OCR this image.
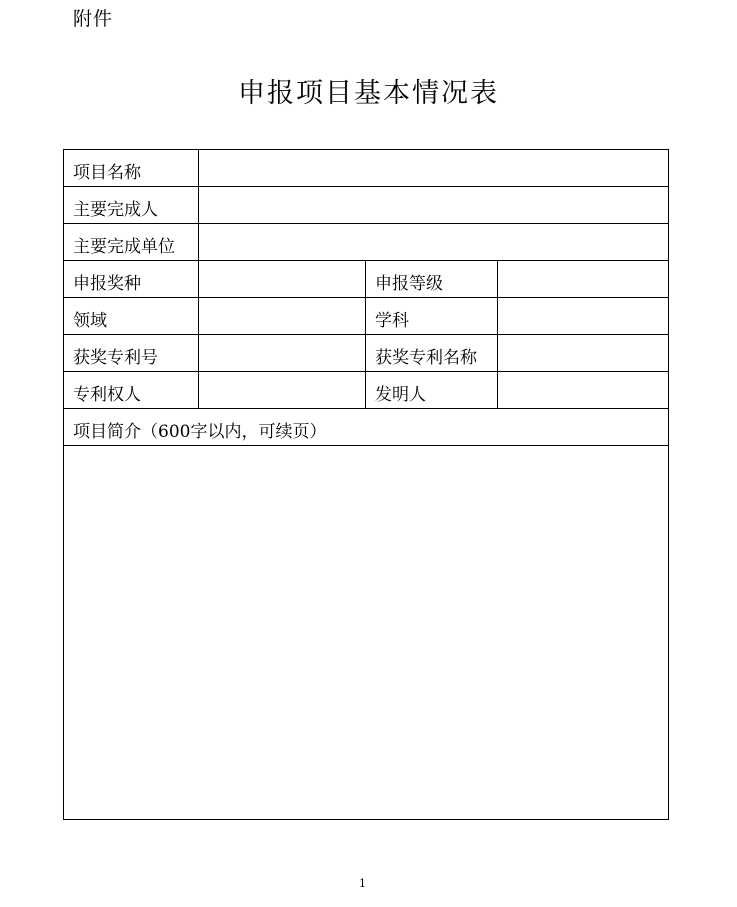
附件
申报项目基本情况表
项目名称			
主要完成人			
主要完成单位			
申报奖种		申报等级	
领域		学科	
获奖专利号		获奖专利名称	
专利权人		发明人	
项目简介（600字以内，可续页）			

1
